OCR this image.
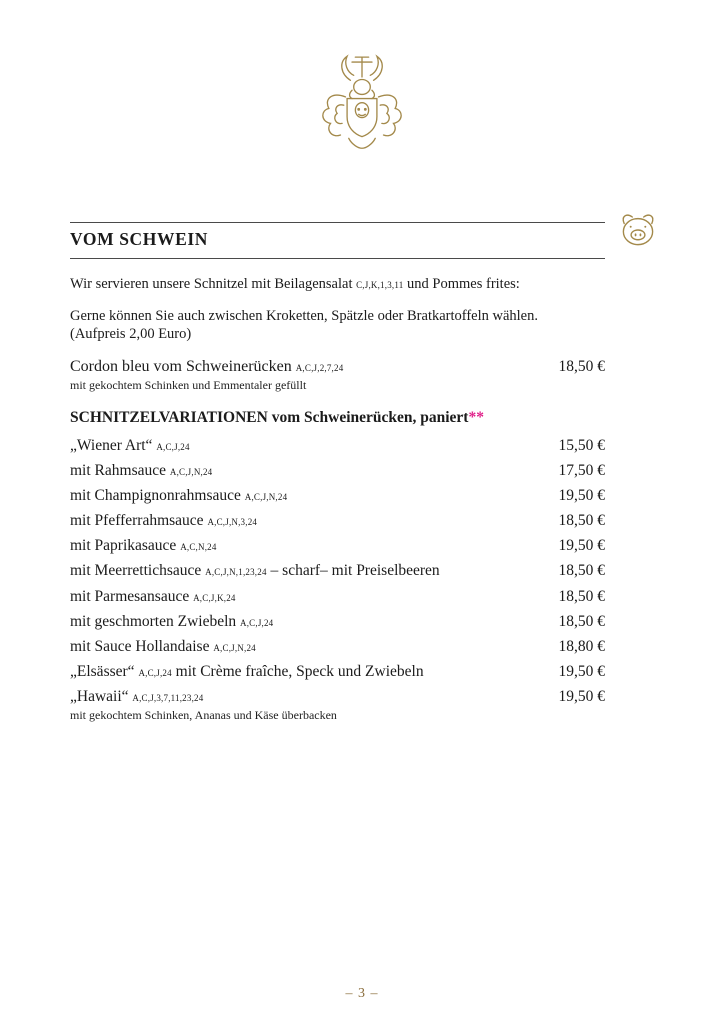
VOM SCHWEIN

Wir servieren unsere Schnitzel mit Beilagensalat C,J,K,1,3,11 und Pommes frites:

Gerne können Sie auch zwischen Kroketten, Spätzle oder Bratkartoffeln wählen.

(Aufpreis 2,00 Euro)

Cordon bleu vom Schweinerücken A,C,J,2,7,24	18,50 €
mit gekochtem Schinken und Emmentaler gefüllt
SCHNITZELVARIATIONEN vom Schweinerücken, paniert**
„Wiener Art“ A,C,J,24	15,50 €
mit Rahmsauce A,C,J,N,24	17,50 €
mit Champignonrahmsauce A,C,J,N,24	19,50 €
mit Pfefferrahmsauce A,C,J,N,3,24	18,50 €
mit Paprikasauce A,C,N,24	19,50 €
mit Meerrettichsauce A,C,J,N,1,23,24 – scharf– mit Preiselbeeren	18,50 €
mit Parmesansauce A,C,J,K,24	18,50 €
mit geschmorten Zwiebeln A,C,J,24	18,50 €
mit Sauce Hollandaise A,C,J,N,24	18,80 €
„Elsässer“ A,C,J,24 mit Crème fraîche, Speck und Zwiebeln	19,50 €
„Hawaii“ A,C,J,3,7,11,23,24	19,50 €
mit gekochtem Schinken, Ananas und Käse überbacken
– 3 –
